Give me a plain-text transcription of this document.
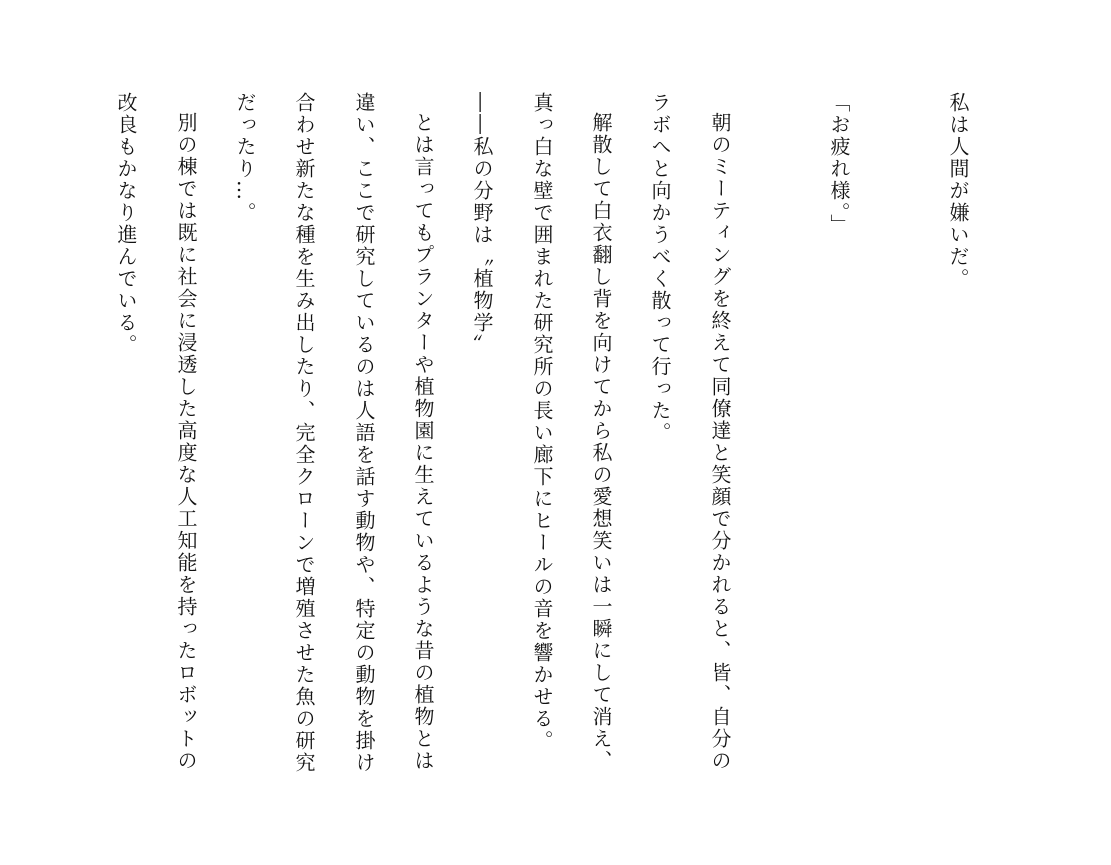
私は人間が嫌いだ。
「お疲れ様。」
朝のミーティングを終えて同僚達と笑顔で分かれると、皆、自分の
ラボへと向かうべく散って行った。
解散して白衣翻し背を向けてから私の愛想笑いは一瞬にして消え、
真っ白な壁で囲まれた研究所の長い廊下にヒールの音を響かせる。
――私の分野は〝植物学〟
とは言ってもプランターや植物園に生えているような昔の植物とは
違い、ここで研究しているのは人語を話す動物や、特定の動物を掛け
合わせ新たな種を生み出したり、完全クローンで増殖させた魚の研究
だったり…。
別の棟では既に社会に浸透した高度な人工知能を持ったロボットの
改良もかなり進んでいる。
